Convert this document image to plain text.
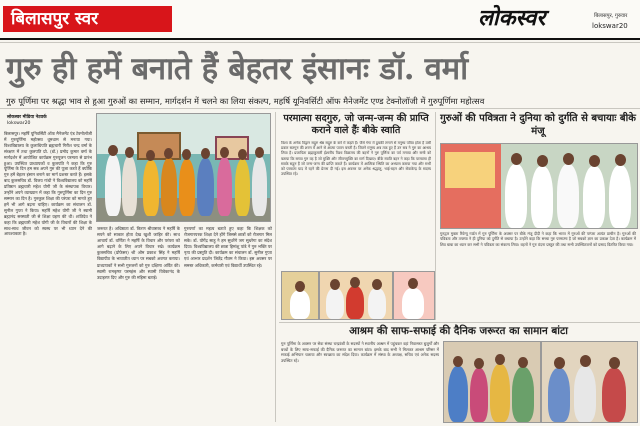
बिलासपुर स्वर	लोकस्वर	बिलासपुर, गुरुवार
lokswar20
गुरु ही हमें बनाते हैं बेहतर इंसानः डॉ. वर्मा
गुरु पूर्णिमा पर श्रद्धा भाव से हुआ गुरुओं का सम्मान, मार्गदर्शन में चलने का लिया संकल्प, महर्षि यूनिवर्सिटी ऑफ मैनेजमेंट एण्ड टेक्नोलॉजी में गुरुपूर्णिमा महोत्सव
लोकस्वर मीडिया नेटवर्क
lokswar20
बिलासपुर। महर्षि यूनिवर्सिटी ऑफ मैनेजमेंट एंड टेक्नोलॉजी में गुरुपूर्णिमा महोत्सव धूमधाम से मनाया गया। विश्वविद्यालय के कुलाधिपति ब्रह्मचारी गिरीश चन्द्र वर्मा के संरक्षण में तथा कुलपति प्रो. (डॉ.) प्रमोद कुमार वर्मा के मार्गदर्शन में आयोजित कार्यक्रम गुरुपूजन परम्परा से प्रारंभ हुआ। उपस्थित प्राध्यापकों व कुलपति ने कहा कि गुरु पूर्णिमा के दिन हम सब अपने गुरु की पूजा करते हैं क्योंकि गुरु हमें बेहतर इंसान बनाने का मार्ग प्रशस्त करते हैं। इसके बाद कुलसचिव डॉ. विजय गांधी ने विश्वविद्यालय को महर्षि प्रतिष्ठान ब्रह्मचारी महेश योगी जी के संस्थापक विचार। उन्होंने अपने व्याख्यान में कहा कि गुरुपूर्णिमा का दिन गुरु सम्मान का दिन है। गुरुकुल शिक्षा की परंपरा को मानते हुए हमें भी आगे बढ़ना चाहिए। कार्यक्रम का संचालन डॉ. सुनील गुप्ता ने किया। महर्षि महेश योगी जी ने स्वामी ब्रह्मानंद सरस्वती जी से शिक्षा ग्रहण की थी। शांतिदेव ने कहा कि ब्रह्मचारी महेश योगी जी के विचारों की शिक्षा के साथ-साथ जीवन को स्वस्थ पर भी ध्यान देने की आवश्यकता है।
जरूरत है। अधिष्ठाता डॉ. किरण श्रीवास्तव ने महर्षि के सपने को साकार होता देख खुशी जाहिर की। साथ आचार्य डॉ. वर्णिता ने महर्षि के विचार और परंपरा को आगे बढ़ाने के लिए अपने विचार रखे। कार्यक्रम कुलसचिव (प्रोफेसर) श्री ओम प्रकाश सिंह ने महर्षि विद्यापीठ के भावातीत ध्यान पर सबको अवगत कराया। प्राध्यापकों ने सभी गुरुजनों को गुरु दक्षिणा अर्पित की। स्वामी रामकृष्ण परमहंस और स्वामी विवेकानंद के उदाहरण दिए और गुरु की महिमा बताई।
गुरुपर्णा का महत्व बताते हुए कहा कि शिक्षक को रोजगारपरक शिक्षा देने होंगे जिससे छात्रों को रोजगार मिल सके। डॉ. योगेंद्र साहू ने हम सुधरेंगे जग सुधरेगा का संदेश दिया। विश्वविद्यालय की छात्रा हिमांशु पांडे ने गुरु भक्ति पर नृत्य की प्रस्तुति दी। कार्यक्रम का संचालन डॉ. सुनील गुप्ता एवं आभार प्रदर्शन जितेंद्र गौतम ने किया। इस अवसर पर समस्त अधिकारी, कर्मचारी एवं विद्यार्थी उपस्थित रहे।
परमात्मा सदगुरु, जो जन्म-जन्म की प्राप्ति कराने वाले हैंः बीके स्वाति
विश्व के अनेक विद्वान सद्गुरु श्रेष्ठ सद्गुरु के बारे में कहते हैं। जैसे गंगा में डुबकी लगाने से मनुष्य पवित्र होता है उसी प्रकार सतगुरु की शरण में आने से आत्मा पावन बनती है। जितने मनुष्य अब तक हुए हैं उन सब ने गुरु का आश्रय लिया है। प्रजापिता ब्रह्माकुमारी ईश्वरीय विश्व विद्यालय की बहनों ने गुरु पूर्णिमा का पर्व मनाया और सभी को बताया कि सच्चा गुरु वह है जो मुक्ति और जीवनमुक्ति का मार्ग दिखाए। बीके स्वाति बहन ने कहा कि परमात्मा ही सबके सद्गुरु हैं जो जन्म-जन्म की प्राप्ति कराते हैं। कार्यक्रम में आत्मिक स्थिति का अभ्यास कराया गया और सभी को परमात्म याद में रहने की प्रेरणा दी गई। इस अवसर पर अनेक श्रद्धालु, भाई-बहन और सेवाकेन्द्र के सदस्य उपस्थित रहे।
गुरुओं की पवित्रता ने दुनिया को दुर्गति से बचायाः बीके मंजू
गुरुद्वार मुक्ता रिवेन्यू गार्डन में गुरु पूर्णिमा के अवसर पर बीके मंजू दीदी ने कहा कि भारत में गुरुओं की परंपरा अत्यंत प्राचीन है। गुरुओं की पवित्रता और तपस्या ने ही दुनिया को दुर्गति से बचाया है। उन्होंने कहा कि सच्चा गुरु परमात्मा है जो सबको ज्ञान का प्रकाश देता है। कार्यक्रम में शिव बाबा का ध्यान कर सभी ने पवित्रता का संकल्प लिया। बहनों ने गुरु वंदना प्रस्तुत की तथा सभी उपस्थितजनों को प्रसाद वितरित किया गया।
आश्रम की साफ-सफाई की दैनिक जरूरत का सामान बांटा
गुरु पूर्णिमा के अवसर पर सेवा संस्था चन्द्रवंशी के सदस्यों ने स्थानीय आश्रम में पहुंचकर वहां निवासरत बुजुर्गों और बच्चों के लिए साफ-सफाई की दैनिक जरूरत का सामान बांटा। इसके बाद सभी ने मिलकर आश्रम परिसर में सफाई अभियान चलाया और स्वच्छता का संदेश दिया। कार्यक्रम में संस्था के अध्यक्ष, सचिव एवं अनेक सदस्य उपस्थित रहे।
